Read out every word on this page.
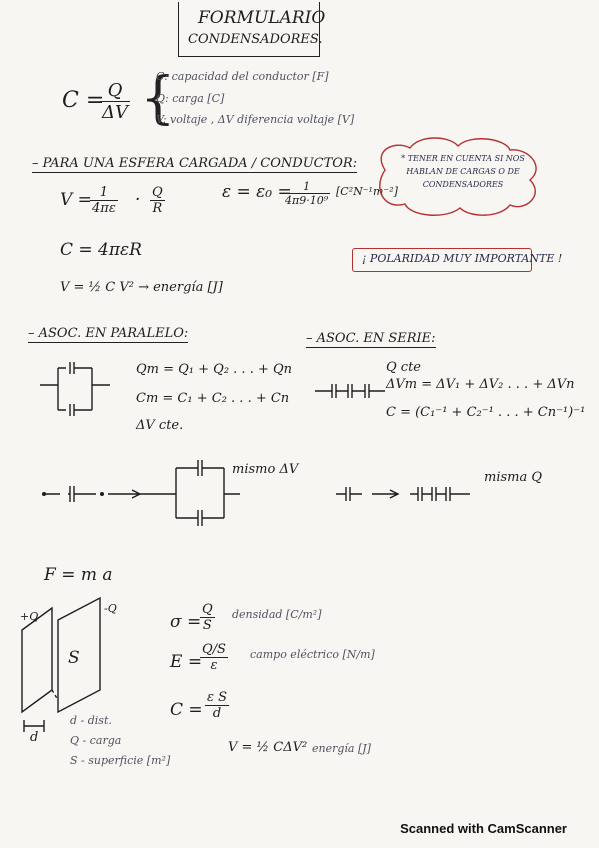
FORMULARIO
CONDENSADORES.
C =
$\frac{Q}{\Delta V}$ {
C: capacidad del conductor [F]
Q: carga [C]
V: voltaje , ΔV diferencia voltaje [V]
– PARA UNA ESFERA CARGADA / CONDUCTOR:
V =
$\frac{1}{4\pi\varepsilon} \cdot \frac{Q}{R}$	ε = ε₀ =
$\frac{1}{\text{4π9·10⁹}} [C^2N^{-1}m^{-2}]$
C = 4πεR
V = ½ C V² → energía [J]
* TENER EN CUENTA SI NOS HABLAN DE CARGAS O DE CONDENSADORES
¡ POLARIDAD MUY IMPORTANTE !
– ASOC. EN PARALELO:
Qт = Q₁ + Q₂ . . . + Qn
Cт = C₁ + C₂ . . . + Cn
ΔV cte.
– ASOC. EN SERIE:
Q cte
ΔVт = ΔV₁ + ΔV₂ . . . + ΔVn
C = (C₁⁻¹ + C₂⁻¹ . . . + Cn⁻¹)⁻¹
mismo ΔV
misma Q
F = m a
+Q
-Q
S
d
d - dist.
Q - carga
S - superficie [m²]
σ =
$\frac{Q}{S}$ densidad [C/m²]
E =
$\frac{Q/S}{\varepsilon}$ campo eléctrico [N/m]
$C = \frac{\text{ε S}}{d}$
V = ½ CΔV² energía [J]
Scanned with CamScanner
